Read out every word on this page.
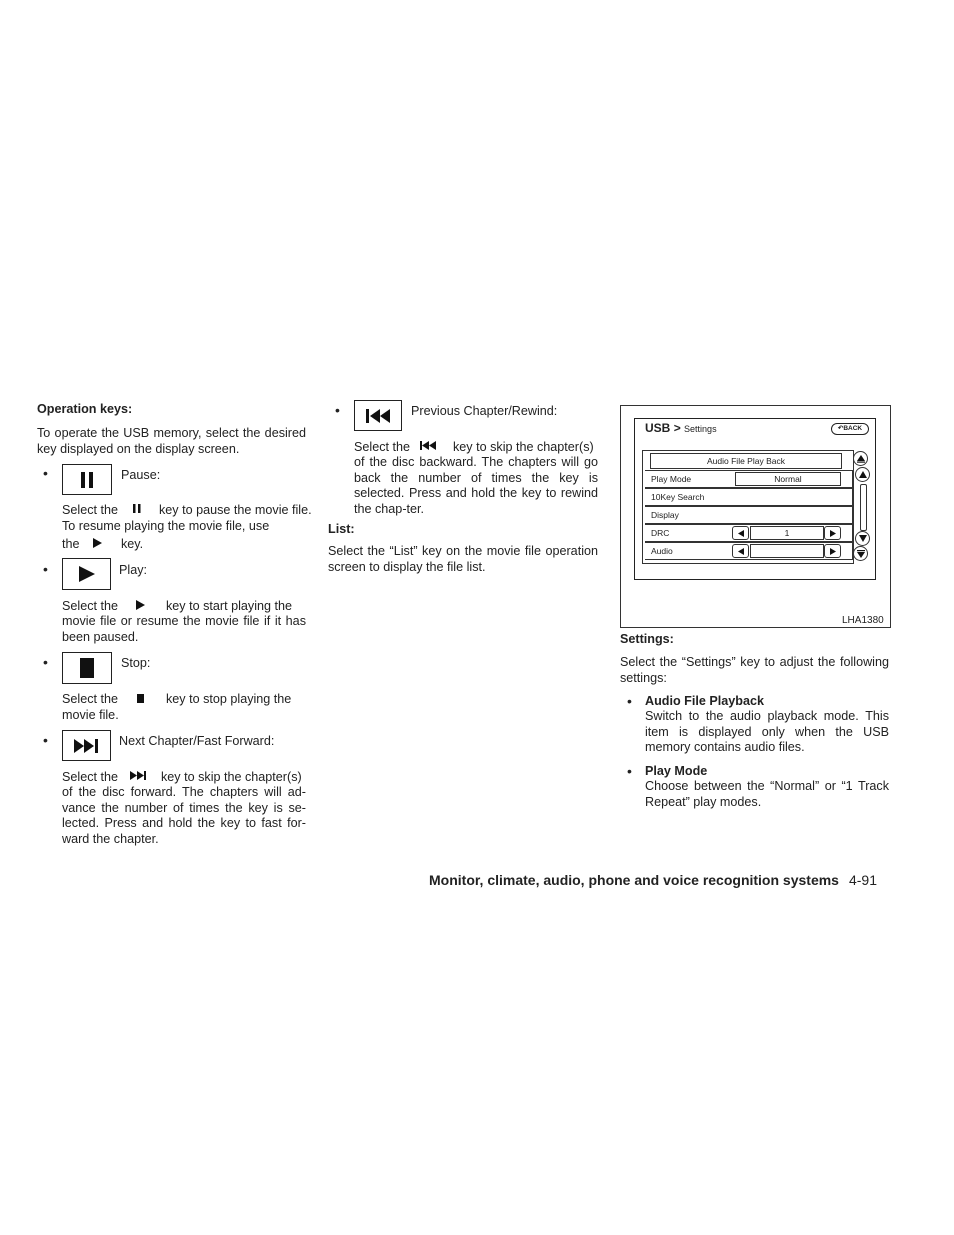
Operation keys:
To operate the USB memory, select the desired key displayed on the display screen.
•	Pause:
Select the	key to pause the movie file.
To resume playing the movie file, use
the	key.
•	Play:
Select the	key to start playing the
movie file or resume the movie file if it has been paused.
•	Stop:
Select the	key to stop playing the
movie file.
•	Next Chapter/Fast Forward:
Select the	key to skip the chapter(s)
of the disc forward. The chapters will ad-vance the number of times the key is se-lected. Press and hold the key to fast for-ward the chapter.
•	Previous Chapter/Rewind:
Select the	key to skip the chapter(s)
of the disc backward. The chapters will go back the number of times the key is selected. Press and hold the key to rewind the chap-ter.
List:
Select the “List” key on the movie file operation screen to display the file list.
USB > Settings	↶BACK
Audio File Play Back
Play Mode	Normal
10Key Search
Display
DRC	1
Audio
LHA1380
Settings:
Select the “Settings” key to adjust the following settings:
• Audio File Playback
Switch to the audio playback mode. This item is displayed only when the USB memory contains audio files.
• Play Mode
Choose between the “Normal” or “1 Track Repeat” play modes.
Monitor, climate, audio, phone and voice recognition systems 4-91
